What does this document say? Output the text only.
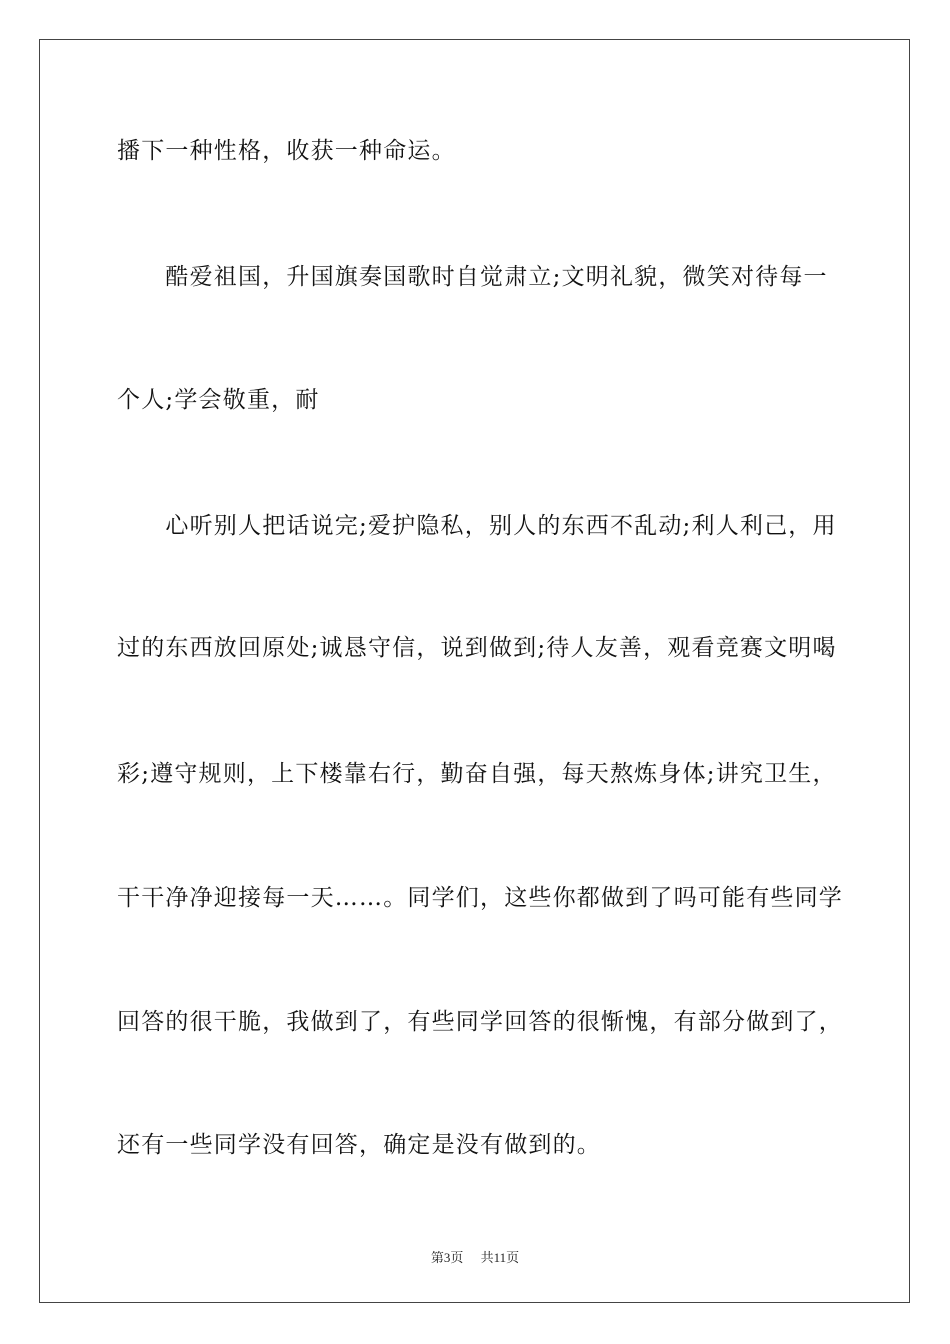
播下一种性格，收获一种命运。
　　酷爱祖国，升国旗奏国歌时自觉肃立;文明礼貌，微笑对待每一
个人;学会敬重，耐
　　心听别人把话说完;爱护隐私，别人的东西不乱动;利人利己，用
过的东西放回原处;诚恳守信，说到做到;待人友善，观看竞赛文明喝
彩;遵守规则，上下楼靠右行，勤奋自强，每天熬炼身体;讲究卫生，
干干净净迎接每一天……。同学们，这些你都做到了吗可能有些同学
回答的很干脆，我做到了，有些同学回答的很惭愧，有部分做到了，
还有一些同学没有回答，确定是没有做到的。
第3页 共11页
